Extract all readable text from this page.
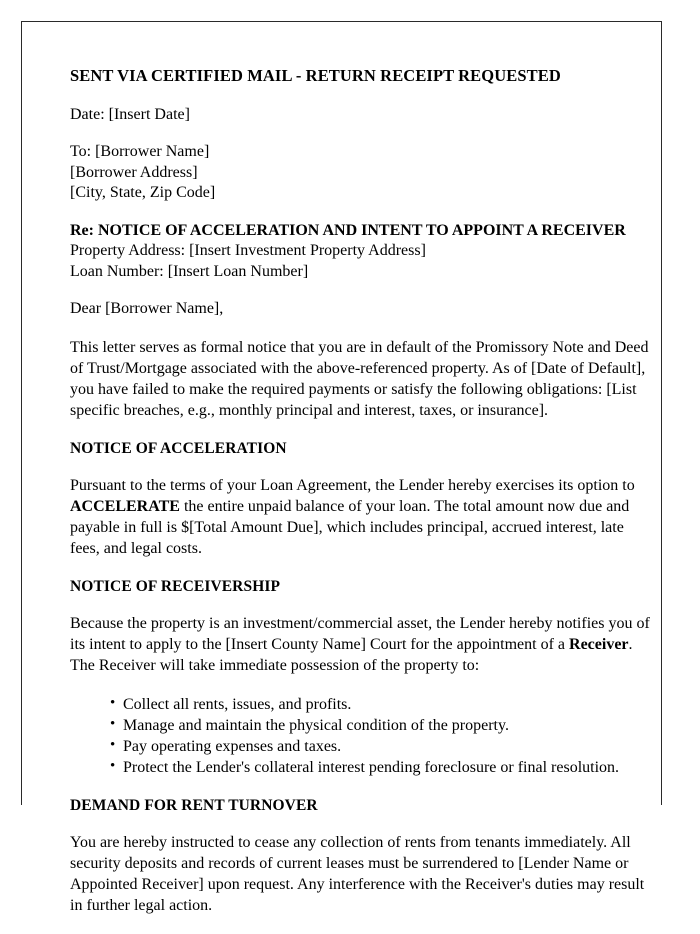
SENT VIA CERTIFIED MAIL - RETURN RECEIPT REQUESTED

Date: [Insert Date]

To: [Borrower Name]

[Borrower Address]

[City, State, Zip Code]

Re: NOTICE OF ACCELERATION AND INTENT TO APPOINT A RECEIVER

Property Address: [Insert Investment Property Address]

Loan Number: [Insert Loan Number]

Dear [Borrower Name],

This letter serves as formal notice that you are in default of the Promissory Note and Deed of Trust/Mortgage associated with the above-referenced property. As of [Date of Default], you have failed to make the required payments or satisfy the following obligations: [List specific breaches, e.g., monthly principal and interest, taxes, or insurance].

NOTICE OF ACCELERATION

Pursuant to the terms of your Loan Agreement, the Lender hereby exercises its option to ACCELERATE the entire unpaid balance of your loan. The total amount now due and payable in full is $[Total Amount Due], which includes principal, accrued interest, late fees, and legal costs.

NOTICE OF RECEIVERSHIP

Because the property is an investment/commercial asset, the Lender hereby notifies you of its intent to apply to the [Insert County Name] Court for the appointment of a Receiver. The Receiver will take immediate possession of the property to:

• Collect all rents, issues, and profits.
• Manage and maintain the physical condition of the property.
• Pay operating expenses and taxes.
• Protect the Lender's collateral interest pending foreclosure or final resolution.
DEMAND FOR RENT TURNOVER

You are hereby instructed to cease any collection of rents from tenants immediately. All security deposits and records of current leases must be surrendered to [Lender Name or Appointed Receiver] upon request. Any interference with the Receiver's duties may result in further legal action.
